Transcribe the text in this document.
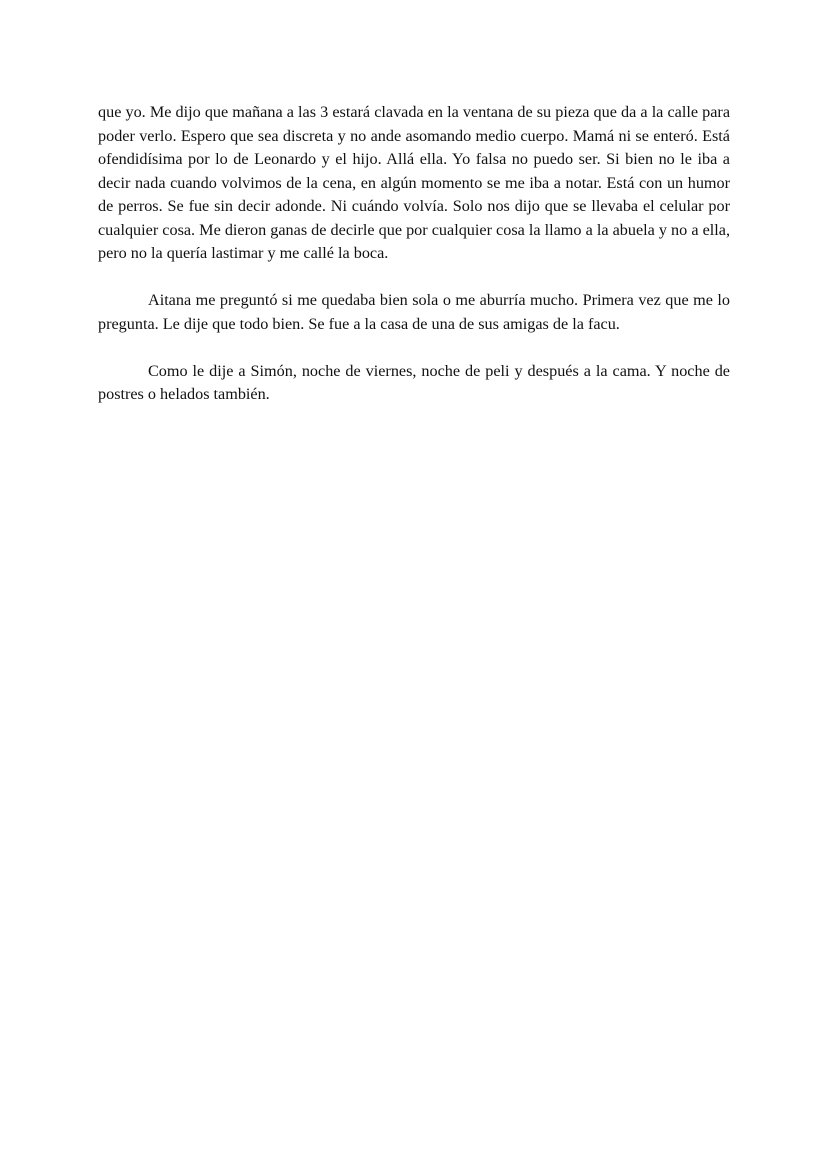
que yo. Me dijo que mañana a las 3 estará clavada en la ventana de su pieza que da a la calle para poder verlo. Espero que sea discreta y no ande asomando medio cuerpo. Mamá ni se enteró. Está ofendidísima por lo de Leonardo y el hijo. Allá ella. Yo falsa no puedo ser. Si bien no le iba a decir nada cuando volvimos de la cena, en algún momento se me iba a notar. Está con un humor de perros. Se fue sin decir adonde. Ni cuándo volvía. Solo nos dijo que se llevaba el celular por cualquier cosa. Me dieron ganas de decirle que por cualquier cosa la llamo a la abuela y no a ella, pero no la quería lastimar y me callé la boca.

Aitana me preguntó si me quedaba bien sola o me aburría mucho. Primera vez que me lo pregunta. Le dije que todo bien. Se fue a la casa de una de sus amigas de la facu.

Como le dije a Simón, noche de viernes, noche de peli y después a la cama. Y noche de postres o helados también.
